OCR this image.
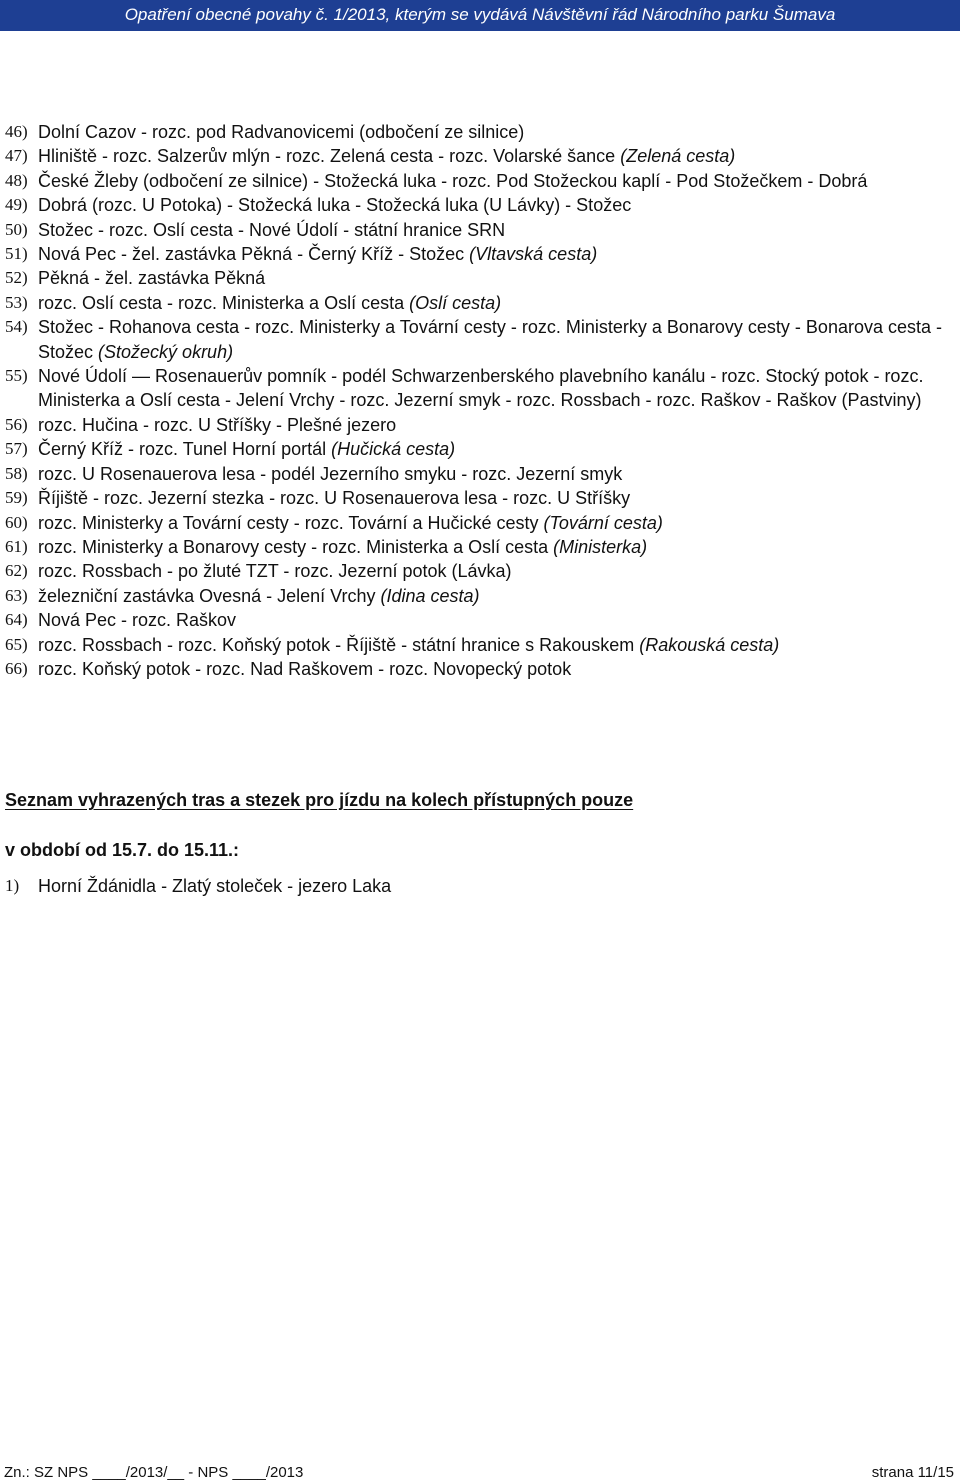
Opatření obecné povahy č. 1/2013, kterým se vydává Návštěvní řád Národního parku Šumava
46) Dolní Cazov - rozc. pod Radvanovicemi (odbočení ze silnice)
47) Hliniště - rozc. Salzerův mlýn - rozc. Zelená cesta - rozc. Volarské šance (Zelená cesta)
48) České Žleby (odbočení ze silnice) - Stožecká luka - rozc. Pod Stožeckou kaplí - Pod Stožečkem - Dobrá
49) Dobrá (rozc. U Potoka) - Stožecká luka - Stožecká luka (U Lávky) - Stožec
50) Stožec - rozc. Oslí cesta - Nové Údolí - státní hranice SRN
51) Nová Pec - žel. zastávka Pěkná - Černý Kříž - Stožec (Vltavská cesta)
52) Pěkná - žel. zastávka Pěkná
53) rozc. Oslí cesta - rozc. Ministerka a Oslí cesta (Oslí cesta)
54) Stožec - Rohanova cesta - rozc. Ministerky a Tovární cesty - rozc. Ministerky a Bonarovy cesty - Bonarova cesta - Stožec (Stožecký okruh)
55) Nové Údolí — Rosenauerův pomník - podél Schwarzenberského plavebního kanálu - rozc. Stocký potok - rozc. Ministerka a Oslí cesta - Jelení Vrchy - rozc. Jezerní smyk - rozc. Rossbach - rozc. Raškov - Raškov (Pastviny)
56) rozc. Hučina - rozc. U Stříšky - Plešné jezero
57) Černý Kříž - rozc. Tunel Horní portál (Hučická cesta)
58) rozc. U Rosenauerova lesa - podél Jezerního smyku - rozc. Jezerní smyk
59) Říjiště - rozc. Jezerní stezka - rozc. U Rosenauerova lesa - rozc. U Stříšky
60) rozc. Ministerky a Tovární cesty - rozc. Tovární a Hučické cesty (Tovární cesta)
61) rozc. Ministerky a Bonarovy cesty - rozc. Ministerka a Oslí cesta (Ministerka)
62) rozc. Rossbach - po žluté TZT - rozc. Jezerní potok (Lávka)
63) železniční zastávka Ovesná - Jelení Vrchy (Idina cesta)
64) Nová Pec - rozc. Raškov
65) rozc. Rossbach - rozc. Koňský potok - Říjiště - státní hranice s Rakouskem (Rakouská cesta)
66) rozc. Koňský potok - rozc. Nad Raškovem - rozc. Novopecký potok
Seznam vyhrazených tras a stezek pro jízdu na kolech přístupných pouze
v období od 15.7. do 15.11.:
1)	Horní Ždánidla - Zlatý stoleček - jezero Laka
Zn.: SZ NPS ____/2013/__ - NPS ____/2013	strana 11/15
